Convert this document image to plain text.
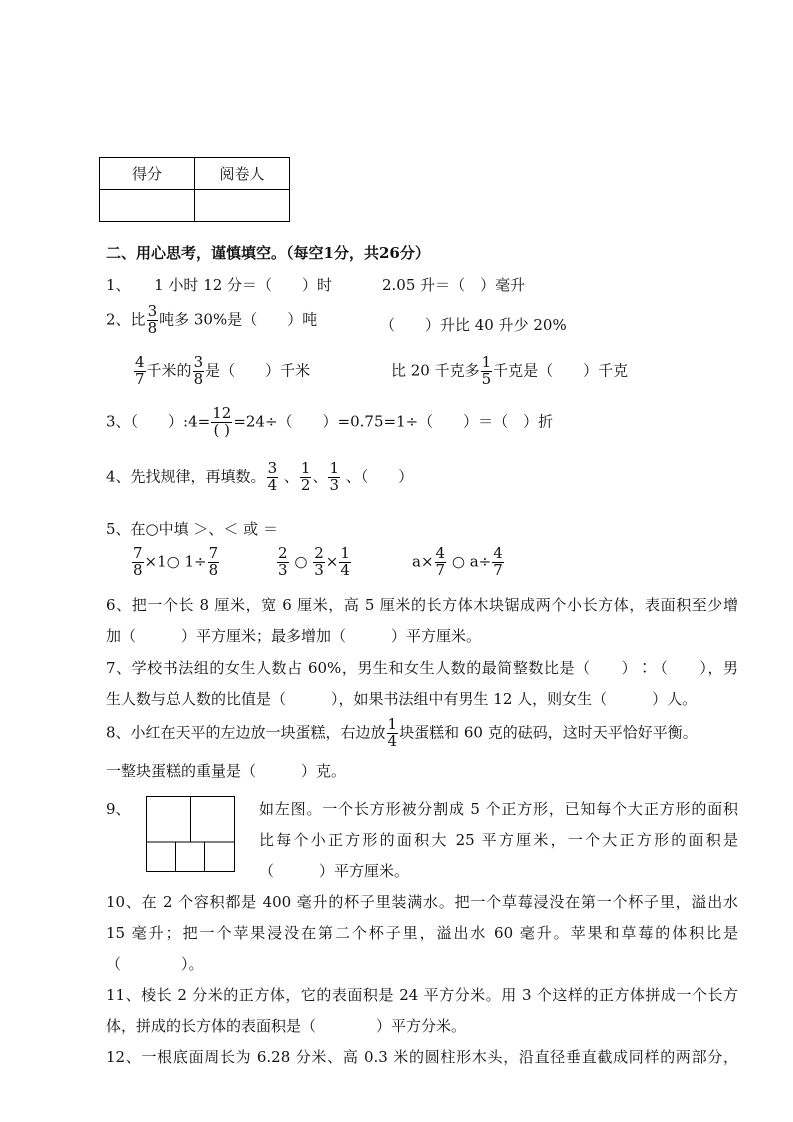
得分	阅卷人

二、用心思考，谨慎填空。（每空1分，共26分）
1、 1 小时 12 分＝（　　）时	2.05 升＝（　）毫升
2、比 $\frac{3}{8}$ 吨多 30%是（　　）吨	（　　）升比 40 升少 20%
$\frac{4}{7}$ 千米的 $\frac{3}{8}$ 是（　　）千米	比 20 千克多 $\frac{1}{5}$ 千克是（　　）千克
3、（　　）:4= $\frac{12}{( )} =24\div$（　　）=0.75=1÷（　　）＝（　）折
4、先找规律，再填数。 $\frac{3}{4}$ 、 $\frac{1}{2}$ 、 $\frac{1}{3}$ 、（　　）
5、在○中填 ＞、＜ 或 ＝
$\frac{7}{8}$ ×1○ $1\div \frac{7}{8}$	$\frac{2}{3}$ ○ $\frac{2}{3} \times \frac{1}{4}$	$a\times \frac{4}{7}$ ○ $a\div \frac{4}{7}$
6、把一个长 8 厘米，宽 6 厘米，高 5 厘米的长方体木块锯成两个小长方体，表面积至少增
加（　　　）平方厘米；最多增加（　　　）平方厘米。
7、学校书法组的女生人数占 60%，男生和女生人数的最简整数比是（　　）∶（　　），男
生人数与总人数的比值是（　　　），如果书法组中有男生 12 人，则女生（　　　）人。
8、小红在天平的左边放一块蛋糕，右边放 $\frac{1}{4}$ 块蛋糕和 60 克的砝码，这时天平恰好平衡。
一整块蛋糕的重量是（　　　）克。
9、	如左图。一个长方形被分割成 5 个正方形，已知每个大正方形的面积
比每个小正方形的面积大 25 平方厘米，一个大正方形的面积是
（　　　）平方厘米。
10、在 2 个容积都是 400 毫升的杯子里装满水。把一个草莓浸没在第一个杯子里，溢出水
15 毫升；把一个苹果浸没在第二个杯子里，溢出水 60 毫升。苹果和草莓的体积比是
（　　　　）。
11、棱长 2 分米的正方体，它的表面积是 24 平方分米。用 3 个这样的正方体拼成一个长方
体，拼成的长方体的表面积是（　　　　）平方分米。
12、一根底面周长为 6.28 分米、高 0.3 米的圆柱形木头，沿直径垂直截成同样的两部分，
